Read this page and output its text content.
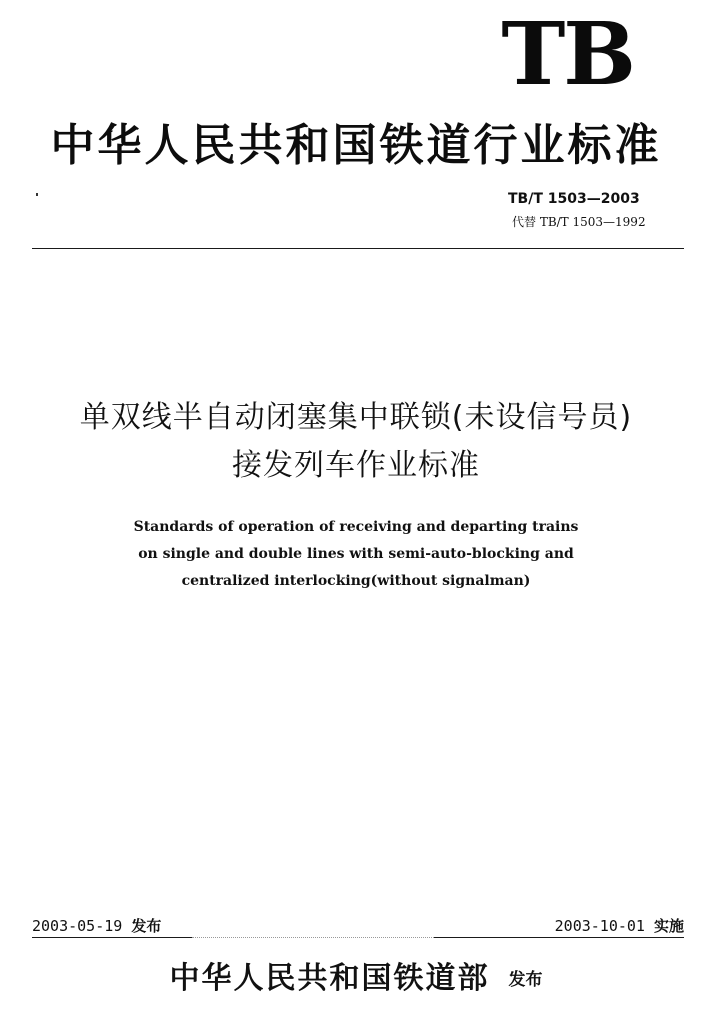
TB
中华人民共和国铁道行业标准
TB/T 1503—2003
代替 TB/T 1503—1992
单双线半自动闭塞集中联锁(未设信号员)
接发列车作业标准
Standards of operation of receiving and departing trains
on single and double lines with semi-auto-blocking and
centralized interlocking(without signalman)
2003-05-19 发布	2003-10-01 实施
中华人民共和国铁道部 发布
